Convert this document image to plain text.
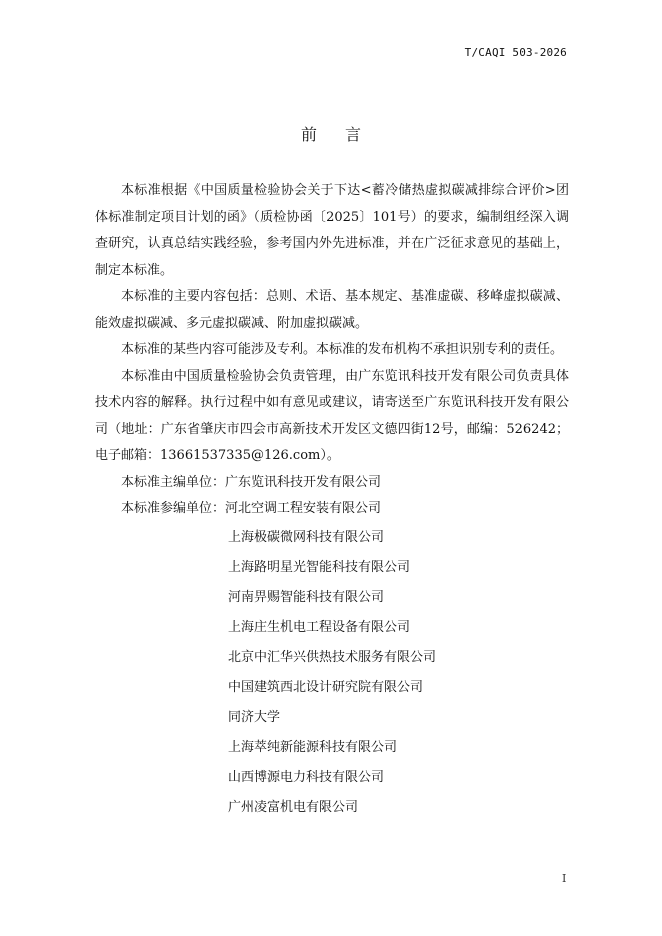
T/CAQI 503-2026
前言

本标准根据《中国质量检验协会关于下达<蓄冷储热虚拟碳减排综合评价>团体标准制定项目计划的函》（质检协函〔2025〕101号）的要求，编制组经深入调查研究，认真总结实践经验，参考国内外先进标准，并在广泛征求意见的基础上，制定本标准。

本标准的主要内容包括：总则、术语、基本规定、基准虚碳、移峰虚拟碳减、能效虚拟碳减、多元虚拟碳减、附加虚拟碳减。

本标准的某些内容可能涉及专利。本标准的发布机构不承担识别专利的责任。

本标准由中国质量检验协会负责管理，由广东览讯科技开发有限公司负责具体技术内容的解释。执行过程中如有意见或建议，请寄送至广东览讯科技开发有限公司（地址：广东省肇庆市四会市高新技术开发区文德四街12号，邮编：526242；电子邮箱：13661537335@126.com）。

本标准主编单位：广东览讯科技开发有限公司

本标准参编单位：河北空调工程安装有限公司

上海极碳微网科技有限公司
上海路明星光智能科技有限公司
河南畀赐智能科技有限公司
上海庄生机电工程设备有限公司
北京中汇华兴供热技术服务有限公司
中国建筑西北设计研究院有限公司
同济大学
上海萃纯新能源科技有限公司
山西博源电力科技有限公司
广州凌富机电有限公司
I
